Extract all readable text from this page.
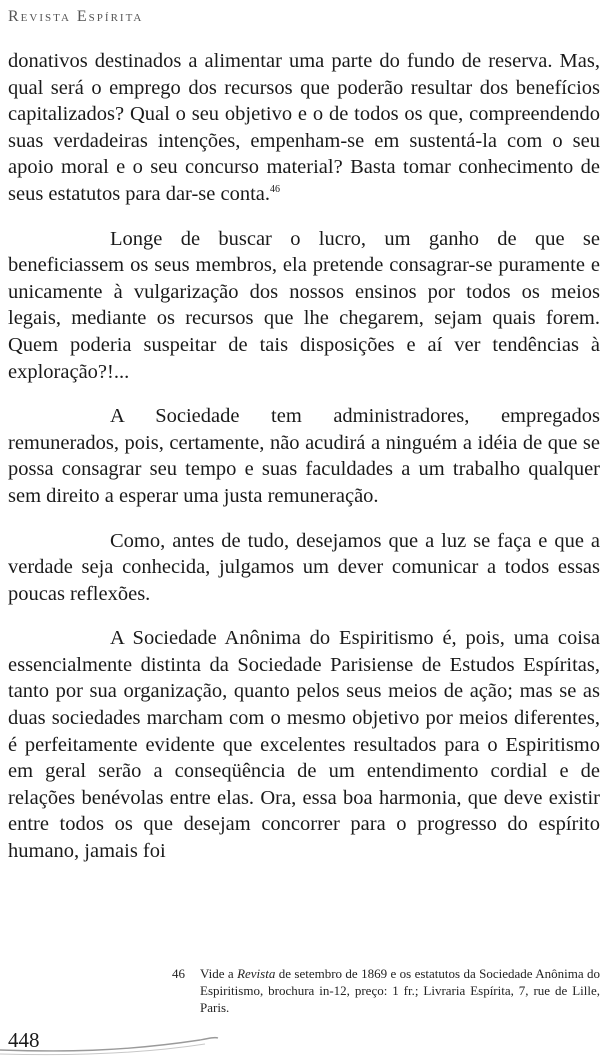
Revista Espírita

donativos destinados a alimentar uma parte do fundo de reserva. Mas, qual será o emprego dos recursos que poderão resultar dos benefícios capitalizados? Qual o seu objetivo e o de todos os que, compreendendo suas verdadeiras intenções, empenham-se em sustentá-la com o seu apoio moral e o seu concurso material? Basta tomar conhecimento de seus estatutos para dar-se conta.$^{46}$

Longe de buscar o lucro, um ganho de que se beneficiassem os seus membros, ela pretende consagrar-se puramente e unicamente à vulgarização dos nossos ensinos por todos os meios legais, mediante os recursos que lhe chegarem, sejam quais forem. Quem poderia suspeitar de tais disposições e aí ver tendências à exploração?!...

A Sociedade tem administradores, empregados remunerados, pois, certamente, não acudirá a ninguém a idéia de que se possa consagrar seu tempo e suas faculdades a um trabalho qualquer sem direito a esperar uma justa remuneração.

Como, antes de tudo, desejamos que a luz se faça e que a verdade seja conhecida, julgamos um dever comunicar a todos essas poucas reflexões.

A Sociedade Anônima do Espiritismo é, pois, uma coisa essencialmente distinta da Sociedade Parisiense de Estudos Espíritas, tanto por sua organização, quanto pelos seus meios de ação; mas se as duas sociedades marcham com o mesmo objetivo por meios diferentes, é perfeitamente evidente que excelentes resultados para o Espiritismo em geral serão a conseqüência de um entendimento cordial e de relações benévolas entre elas. Ora, essa boa harmonia, que deve existir entre todos os que desejam concorrer para o progresso do espírito humano, jamais foi

46	Vide a Revista de setembro de 1869 e os estatutos da Sociedade Anônima do Espiritismo, brochura in-12, preço: 1 fr.; Livraria Espírita, 7, rue de Lille, Paris.
448
